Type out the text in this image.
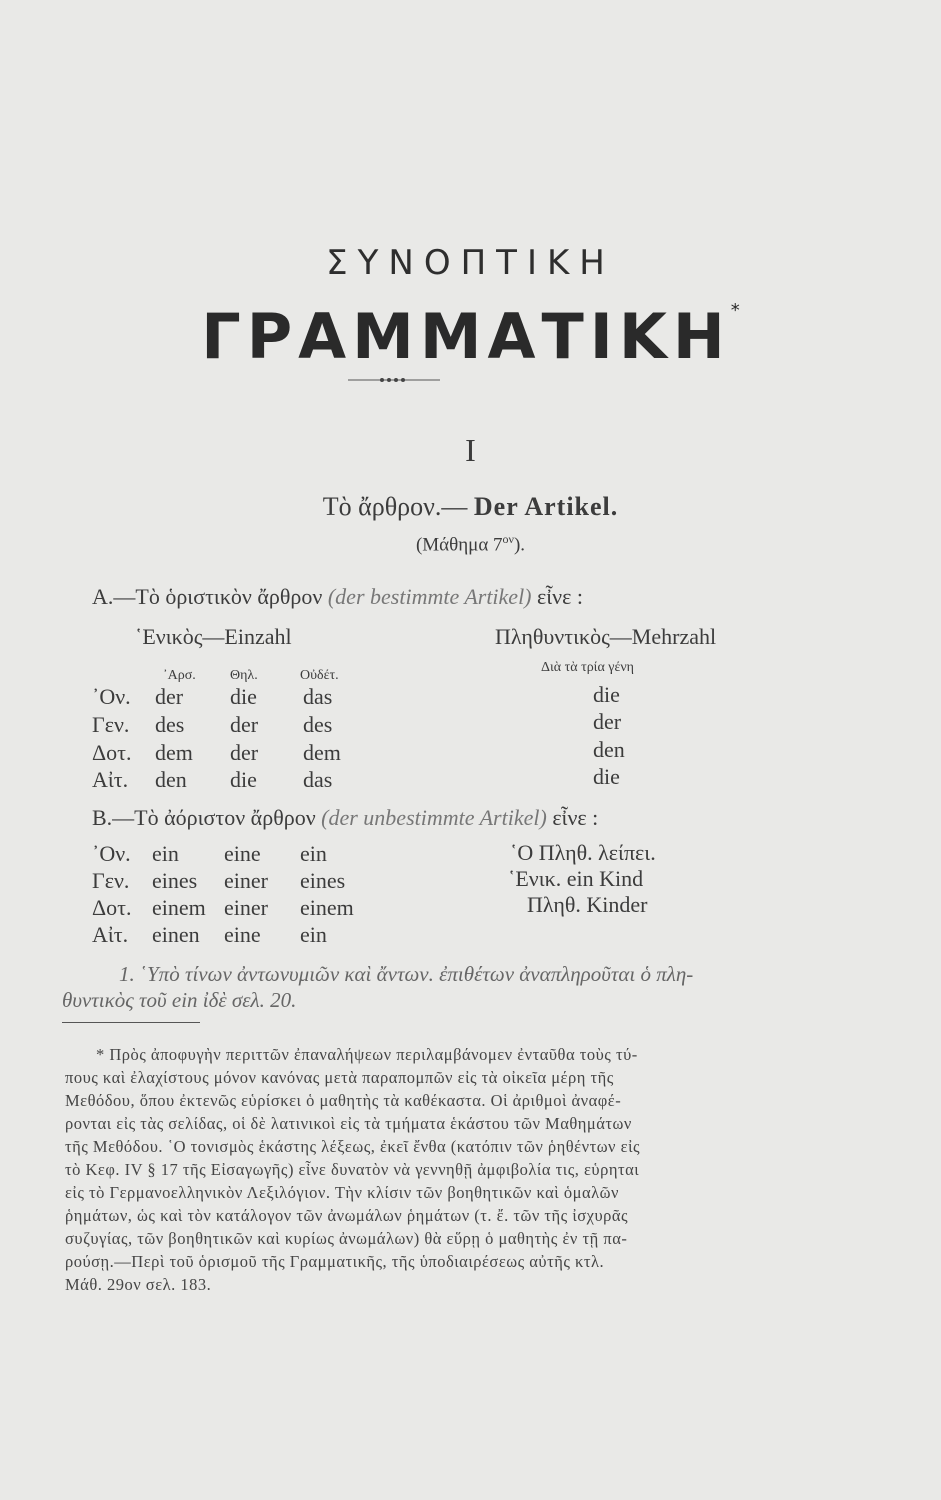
ΣΥΝΟΠΤΙΚΗ
ΓΡΑΜΜΑΤΙΚΗ*
I
Τὸ ἄρθρον.— Der Artikel.
(Μάθημα $7^{o\nu}$).
Α.—Τὸ ὁριστικὸν ἄρθρον (der bestimmte Artikel) εἶνε :
῾Ενικὸς—Einzahl	Πληθυντικὸς—Mehrzahl
᾿Αρσ. Θηλ.	Οὐδέτ.
Διὰ τὰ τρία γένη
᾿Ον. der die das	die
Γεν. des der des	der
Δοτ. dem der dem	den
Αἰτ. den die das	die
Β.—Τὸ ἀόριστον ἄρθρον (der unbestimmte Artikel) εἶνε :
᾿Ον. ein eine ein
Γεν. eines einer eines
Δοτ. einem einer einem
Αἰτ. einen eine ein
῾Ο Πληθ. λείπει.
῾Ενικ. ein Kind
Πληθ. Kinder
1. ῾Υπὸ τίνων ἀντωνυμιῶν καὶ ἄντων. ἐπιθέτων ἀναπληροῦται ὁ πλη-
θυντικὸς τοῦ ein ἰδὲ σελ. 20.
* Πρὸς ἀποφυγὴν περιττῶν ἐπαναλήψεων περιλαμβάνομεν ἐνταῦθα τοὺς τύ-
πους καὶ ἐλαχίστους μόνον κανόνας μετὰ παραπομπῶν εἰς τὰ οἰκεῖα μέρη τῆς
Μεθόδου, ὅπου ἐκτενῶς εὑρίσκει ὁ μαθητὴς τὰ καθέκαστα. Οἱ ἀριθμοὶ ἀναφέ-
ρονται εἰς τὰς σελίδας, οἱ δὲ λατινικοὶ εἰς τὰ τμήματα ἑκάστου τῶν Μαθημάτων
τῆς Μεθόδου. ῾Ο τονισμὸς ἑκάστης λέξεως, ἐκεῖ ἔνθα (κατόπιν τῶν ῥηθέντων εἰς
τὸ Κεφ. IV § 17 τῆς Εἰσαγωγῆς) εἶνε δυνατὸν νὰ γεννηθῇ ἀμφιβολία τις, εὑρηται
εἰς τὸ Γερμανοελληνικὸν Λεξιλόγιον. Τὴν κλίσιν τῶν βοηθητικῶν καὶ ὁμαλῶν
ῥημάτων, ὡς καὶ τὸν κατάλογον τῶν ἀνωμάλων ῥημάτων (τ. ἔ. τῶν τῆς ἰσχυρᾶς
συζυγίας, τῶν βοηθητικῶν καὶ κυρίως ἀνωμάλων) θὰ εὕρῃ ὁ μαθητὴς ἐν τῇ πα-
ρούσῃ.—Περὶ τοῦ ὁρισμοῦ τῆς Γραμματικῆς, τῆς ὑποδιαιρέσεως αὐτῆς κτλ.
Μάθ. 29ον σελ. 183.
